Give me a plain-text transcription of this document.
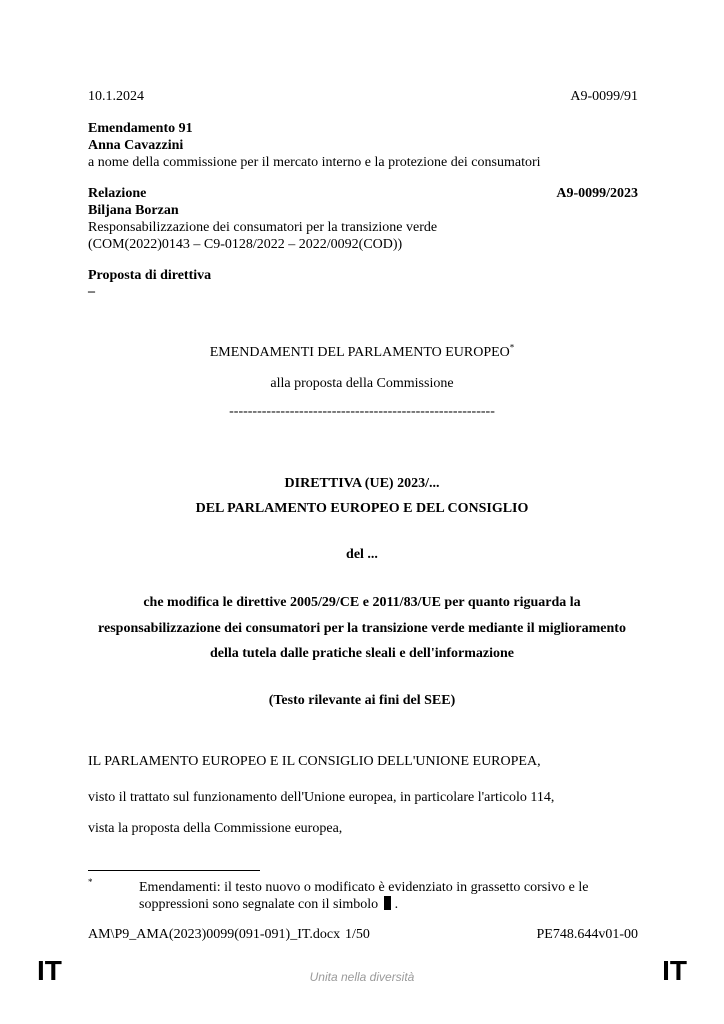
10.1.2024	A9-0099/91
Emendamento 91
Anna Cavazzini
a nome della commissione per il mercato interno e la protezione dei consumatori
Relazione	A9-0099/2023
Biljana Borzan
Responsabilizzazione dei consumatori per la transizione verde
(COM(2022)0143 – C9-0128/2022 – 2022/0092(COD))
Proposta di direttiva
–
EMENDAMENTI DEL PARLAMENTO EUROPEO*
alla proposta della Commissione
---------------------------------------------------------
DIRETTIVA (UE) 2023/...
DEL PARLAMENTO EUROPEO E DEL CONSIGLIO
del ...
che modifica le direttive 2005/29/CE e 2011/83/UE per quanto riguarda la
responsabilizzazione dei consumatori per la transizione verde mediante il miglioramento
della tutela dalle pratiche sleali e dell'informazione
(Testo rilevante ai fini del SEE)
IL PARLAMENTO EUROPEO E IL CONSIGLIO DELL'UNIONE EUROPEA,
visto il trattato sul funzionamento dell'Unione europea, in particolare l'articolo 114,
vista la proposta della Commissione europea,
*	Emendamenti: il testo nuovo o modificato è evidenziato in grassetto corsivo e le
soppressioni sono segnalate con il simbolo .
AM\P9_AMA(2023)0099(091-091)_IT.docx 1/50	PE748.644v01-00
IT	Unita nella diversità	IT
